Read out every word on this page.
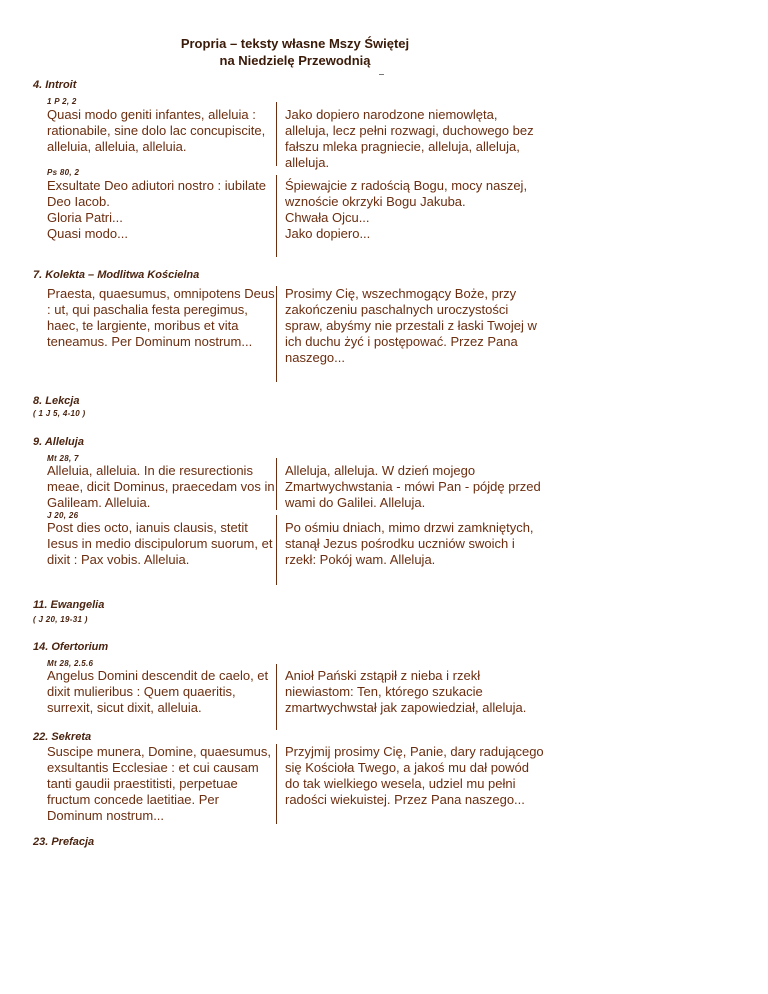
Propria – teksty własne Mszy Świętej
na Niedzielę Przewodnią
4. Introit
1 P 2, 2
Quasi modo geniti infantes, alleluia : rationabile, sine dolo lac concupiscite, alleluia, alleluia, alleluia.
Jako dopiero narodzone niemowlęta, alleluja, lecz pełni rozwagi, duchowego bez fałszu mleka pragniecie, alleluja, alleluja, alleluja.
Ps 80, 2
Exsultate Deo adiutori nostro : iubilate Deo Iacob.
Gloria Patri...
Quasi modo...
Śpiewajcie z radością Bogu, mocy naszej, wznoście okrzyki Bogu Jakuba.
Chwała Ojcu...
Jako dopiero...
7. Kolekta – Modlitwa Kościelna
Praesta, quaesumus, omnipotens Deus : ut, qui paschalia festa peregimus, haec, te largiente, moribus et vita teneamus. Per Dominum nostrum...
Prosimy Cię, wszechmogący Boże, przy zakończeniu paschalnych uroczystości spraw, abyśmy nie przestali z łaski Twojej w ich duchu żyć i postępować. Przez Pana naszego...
8. Lekcja
( 1 J 5, 4-10 )
9. Alleluja
Mt 28, 7
Alleluia, alleluia. In die resurectionis meae, dicit Dominus, praecedam vos in Galileam. Alleluia.
Alleluja, alleluja. W dzień mojego Zmartwychwstania - mówi Pan - pójdę przed wami do Galilei. Alleluja.
J 20, 26
Post dies octo, ianuis clausis, stetit Iesus in medio discipulorum suorum, et dixit : Pax vobis. Alleluia.
Po ośmiu dniach, mimo drzwi zamkniętych, stanął Jezus pośrodku uczniów swoich i rzekł: Pokój wam. Alleluja.
11. Ewangelia
( J 20, 19-31 )
14. Ofertorium
Mt 28, 2.5.6
Angelus Domini descendit de caelo, et dixit mulieribus : Quem quaeritis, surrexit, sicut dixit, alleluia.
Anioł Pański zstąpił z nieba i rzekł niewiastom: Ten, którego szukacie zmartwychwstał jak zapowiedział, alleluja.
22. Sekreta
Suscipe munera, Domine, quaesumus, exsultantis Ecclesiae : et cui causam tanti gaudii praestitisti, perpetuae fructum concede laetitiae. Per Dominum nostrum...
Przyjmij prosimy Cię, Panie, dary radującego się Kościoła Twego, a jakoś mu dał powód do tak wielkiego wesela, udziel mu pełni radości wiekuistej. Przez Pana naszego...
23. Prefacja
